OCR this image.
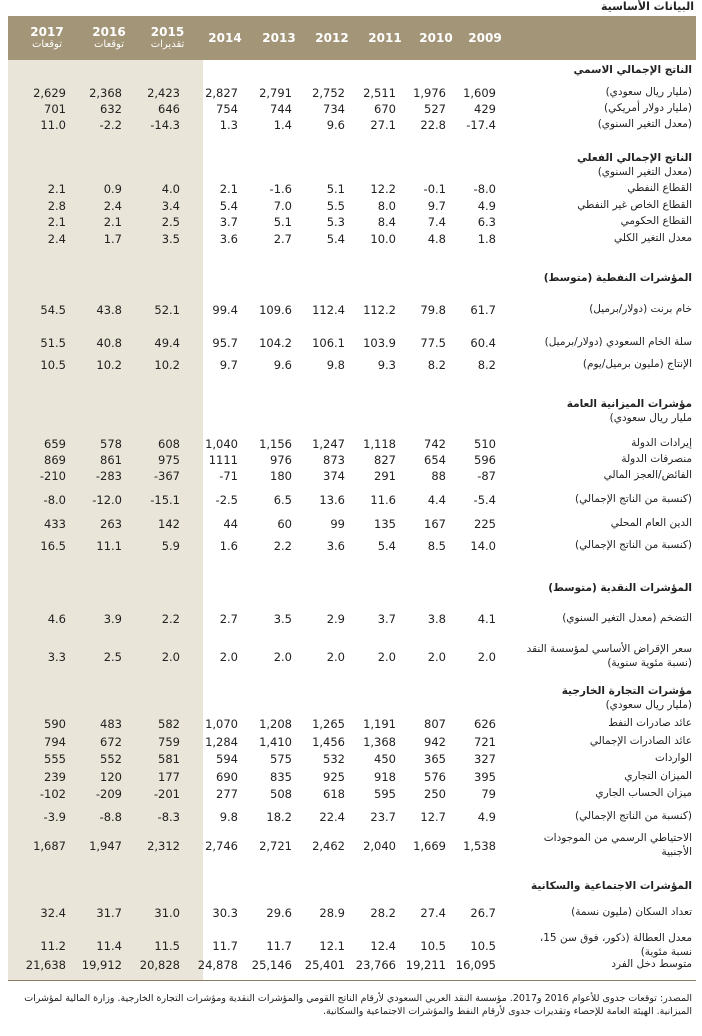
البيانات الأساسية
2017
توقعات
2016
توقعات
2015
تقديرات 2014 2013 2012 2011 2010 2009
الناتج الإجمالي الاسمي
الناتج الإجمالي الفعلي
(معدل التغير السنوي)
المؤشرات النفطية (متوسط)
مؤشرات الميزانية العامة
مليار ريال سعودي)
المؤشرات النقدية (متوسط)
مؤشرات التجارة الخارجية
(مليار ريال سعودي)
المؤشرات الاجتماعية والسكانية
(مليار ريال سعودي)
1,609
1,976
2,511
2,752
2,791
2,827
2,423
2,368
2,629
(مليار دولار أمريكي)
429
527
670
734
744
754
646
632
701
(معدل التغير السنوي)
-17.4
22.8
27.1
9.6
1.4
1.3
-14.3
-2.2
11.0
القطاع النفطي
-8.0
-0.1
12.2
5.1
-1.6
2.1
4.0
0.9
2.1
القطاع الخاص غير النفطي
4.9
9.7
8.0
5.5
7.0
5.4
3.4
2.4
2.8
القطاع الحكومي
6.3
7.4
8.4
5.3
5.1
3.7
2.5
2.1
2.1
معدل التغير الكلي
1.8
4.8
10.0
5.4
2.7
3.6
3.5
1.7
2.4
خام برنت (دولار/برميل)
61.7
79.8
112.2
112.4
109.6
99.4
52.1
43.8
54.5
سلة الخام السعودي (دولار/برميل)
60.4
77.5
103.9
106.1
104.2
95.7
49.4
40.8
51.5
الإنتاج (مليون برميل/يوم)
8.2
8.2
9.3
9.8
9.6
9.7
10.2
10.2
10.5
إيرادات الدولة
510
742
1,118
1,247
1,156
1,040
608
578
659
منصرفات الدولة
596
654
827
873
976
1111
975
861
869
الفائض/العجز المالي
-87
88
291
374
180
-71
-367
-283
-210
(كنسبة من الناتج الإجمالي)
-5.4
4.4
11.6
13.6
6.5
-2.5
-15.1
-12.0
-8.0
الدين العام المحلي
225
167
135
99
60
44
142
263
433
(كنسبة من الناتج الإجمالي)
14.0
8.5
5.4
3.6
2.2
1.6
5.9
11.1
16.5
التضخم (معدل التغير السنوي)
4.1
3.8
3.7
2.9
3.5
2.7
2.2
3.9
4.6
سعر الإقراض الأساسي لمؤسسة النقد
(نسبة مئوية سنوية)
2.0
2.0
2.0
2.0
2.0
2.0
2.0
2.5
3.3
عائد صادرات النفط
626
807
1,191
1,265
1,208
1,070
582
483
590
عائد الصادرات الإجمالي
721
942
1,368
1,456
1,410
1,284
759
672
794
الواردات
327
365
450
532
575
594
581
552
555
الميزان التجاري
395
576
918
925
835
690
177
120
239
ميزان الحساب الجاري
79
250
595
618
508
277
-201
-209
-102
(كنسبة من الناتج الإجمالي)
4.9
12.7
23.7
22.4
18.2
9.8
-8.3
-8.8
-3.9
الاحتياطي الرسمي من الموجودات
الأجنبية
1,538
1,669
2,040
2,462
2,721
2,746
2,312
1,947
1,687
تعداد السكان (مليون نسمة)
26.7
27.4
28.2
28.9
29.6
30.3
31.0
31.7
32.4
معدل العطالة (ذكور، فوق سن 15،
نسبة مئوية)
10.5
10.5
12.4
12.1
11.7
11.7
11.5
11.4
11.2
متوسط دخل الفرد
16,095
19,211
23,766
25,401
25,146
24,878
20,828
19,912
21,638
المصدر: توقعات جدوى للأعوام 2016 و2017. مؤسسة النقد العربي السعودي لأرقام الناتج القومي والمؤشرات النقدية ومؤشرات التجارة الخارجية. وزارة المالية لمؤشرات الميزانية. الهيئة العامة للإحصاء وتقديرات جدوى لأرقام النفط والمؤشرات الاجتماعية والسكانية.
